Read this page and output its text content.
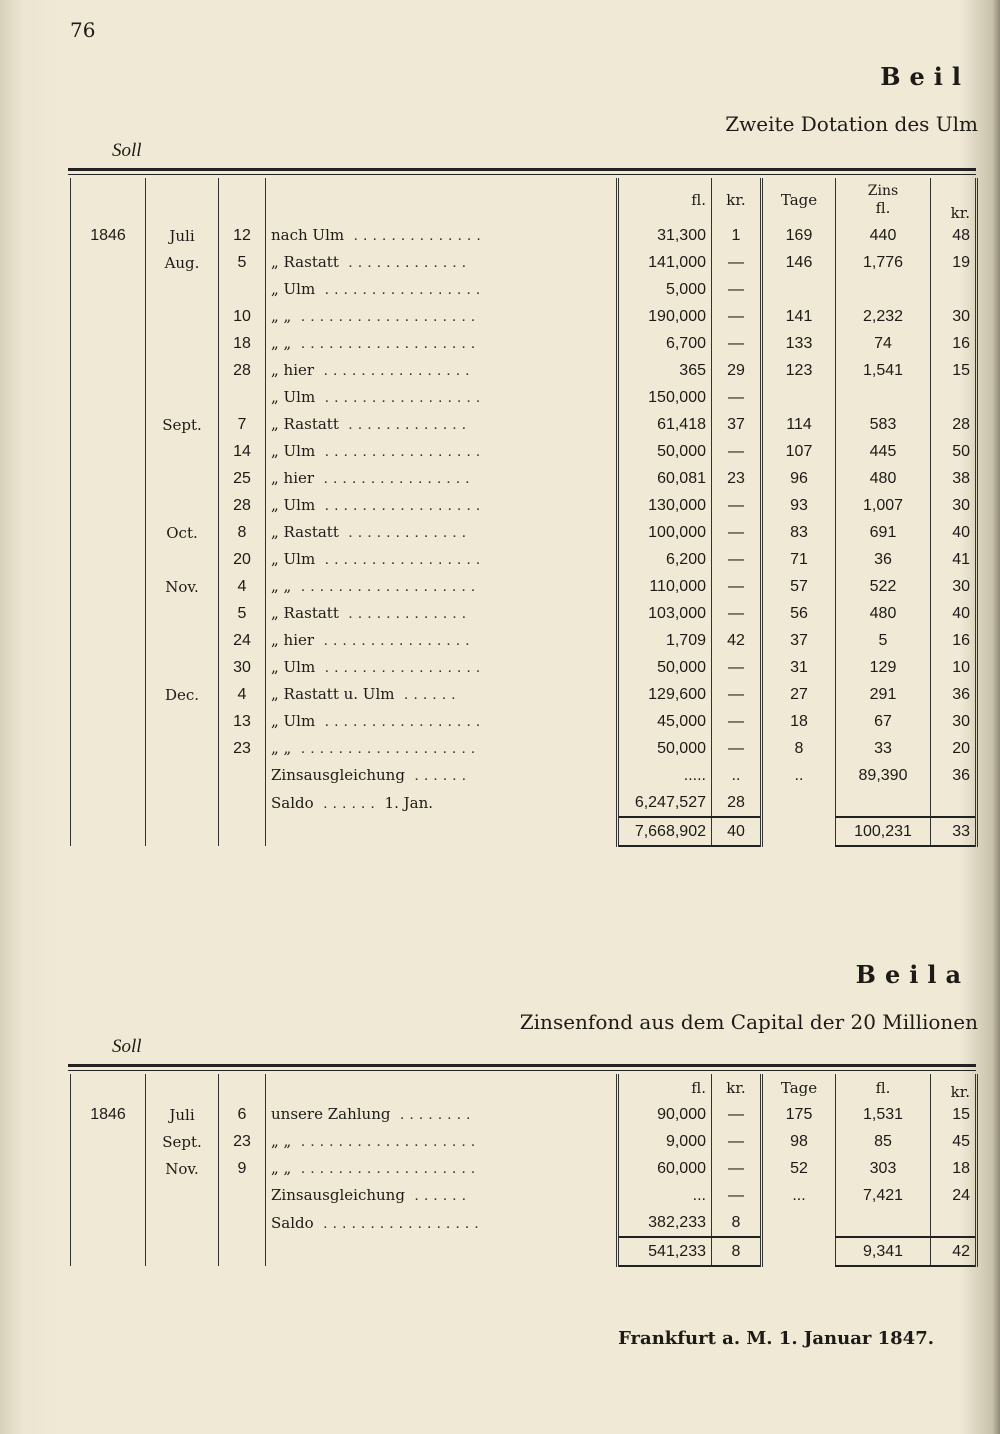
76
Beil
Zweite Dotation des Ulm
Soll
				fl.	kr.	Tage	Zins
fl.	kr.
1846	Juli	12	nach Ulm ..............	31,300	1	169	440	48
	Aug.	5	„ Rastatt .............	141,000	—	146	1,776	19
			„ Ulm .................	5,000	—			
		10	„ „ ...................	190,000	—	141	2,232	30
		18	„ „ ...................	6,700	—	133	74	16
		28	„ hier ................	365	29	123	1,541	15
			„ Ulm .................	150,000	—			
	Sept.	7	„ Rastatt .............	61,418	37	114	583	28
		14	„ Ulm .................	50,000	—	107	445	50
		25	„ hier ................	60,081	23	96	480	38
		28	„ Ulm .................	130,000	—	93	1,007	30
	Oct.	8	„ Rastatt .............	100,000	—	83	691	40
		20	„ Ulm .................	6,200	—	71	36	41
	Nov.	4	„ „ ...................	110,000	—	57	522	30
		5	„ Rastatt .............	103,000	—	56	480	40
		24	„ hier ................	1,709	42	37	5	16
		30	„ Ulm .................	50,000	—	31	129	10
	Dec.	4	„ Rastatt u. Ulm ......	129,600	—	27	291	36
		13	„ Ulm .................	45,000	—	18	67	30
		23	„ „ ...................	50,000	—	8	33	20
			Zinsausgleichung ......	.....	..	..	89,390	36
			Saldo ...... 1. Jan.	6,247,527	28			
				7,668,902	40		100,231	33
Beila
Zinsenfond aus dem Capital der 20 Millionen
Soll
				fl.	kr.	Tage	fl.	kr.
1846	Juli	6	unsere Zahlung ........	90,000	—	175	1,531	15
	Sept.	23	„ „ ...................	9,000	—	98	85	45
	Nov.	9	„ „ ...................	60,000	—	52	303	18
			Zinsausgleichung ......	...	—	...	7,421	24
			Saldo .................	382,233	8			
				541,233	8		9,341	42
Frankfurt a. M. 1. Januar 1847.
